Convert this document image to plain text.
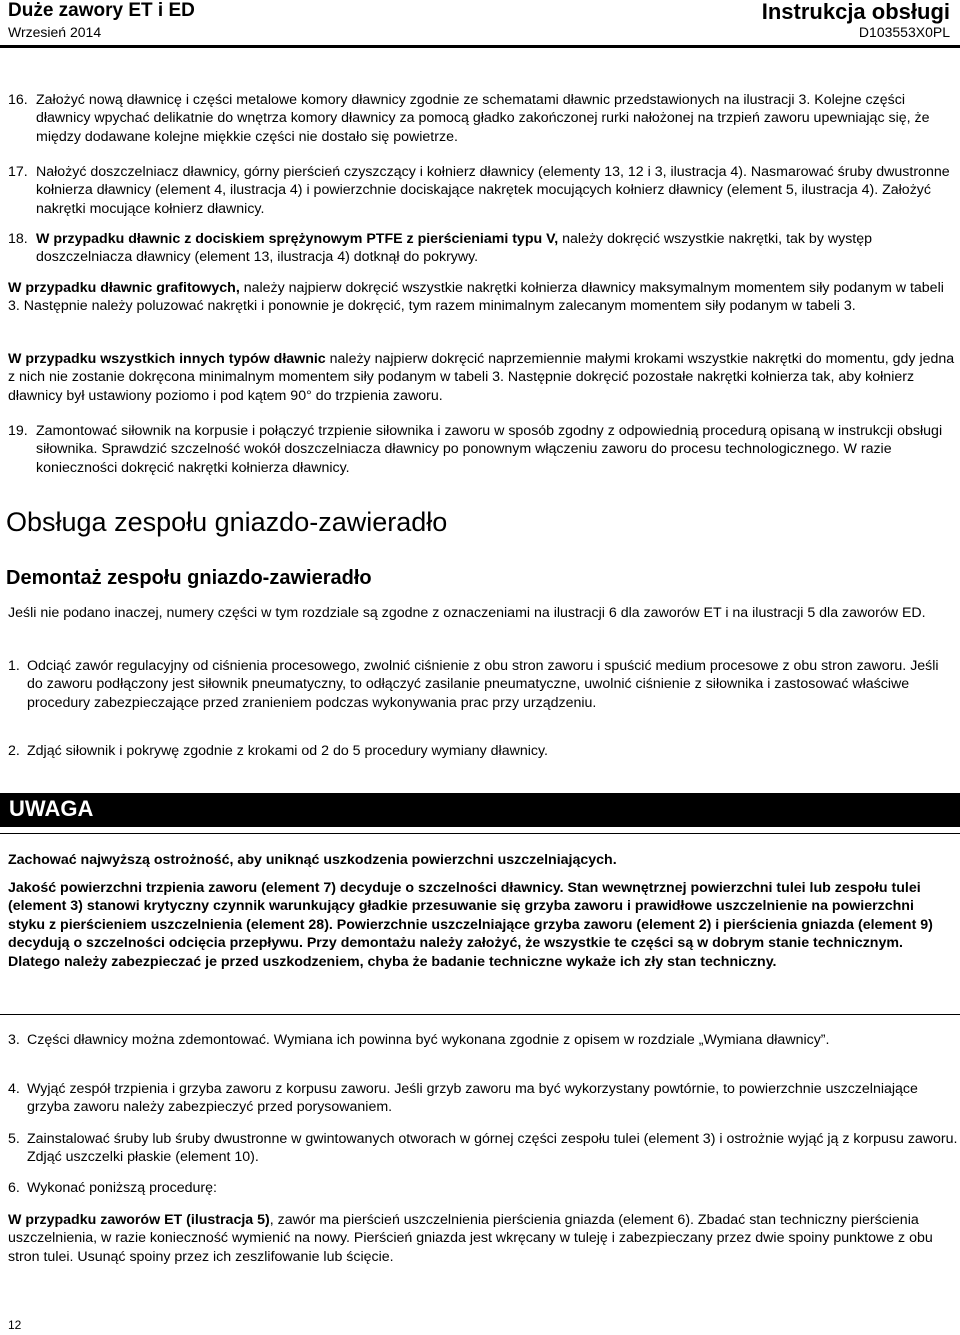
Duże zawory ET i ED
Wrzesień 2014
Instrukcja obsługi
D103553X0PL
16. Założyć nową dławnicę i części metalowe komory dławnicy zgodnie ze schematami dławnic przedstawionych na ilustracji 3. Kolejne części dławnicy wpychać delikatnie do wnętrza komory dławnicy za pomocą gładko zakończonej rurki nałożonej na trzpień zaworu upewniając się, że między dodawane kolejne miękkie części nie dostało się powietrze.
17. Nałożyć doszczelniacz dławnicy, górny pierścień czyszczący i kołnierz dławnicy (elementy 13, 12 i 3, ilustracja 4). Nasmarować śruby dwustronne kołnierza dławnicy (element 4, ilustracja 4) i powierzchnie dociskające nakrętek mocujących kołnierz dławnicy (element 5, ilustracja 4). Założyć nakrętki mocujące kołnierz dławnicy.
18. W przypadku dławnic z dociskiem sprężynowym PTFE z pierścieniami typu V, należy dokręcić wszystkie nakrętki, tak by występ doszczelniacza dławnicy (element 13, ilustracja 4) dotknął do pokrywy.
W przypadku dławnic grafitowych, należy najpierw dokręcić wszystkie nakrętki kołnierza dławnicy maksymalnym momentem siły podanym w tabeli 3. Następnie należy poluzować nakrętki i ponownie je dokręcić, tym razem minimalnym zalecanym momentem siły podanym w tabeli 3.
W przypadku wszystkich innych typów dławnic należy najpierw dokręcić naprzemiennie małymi krokami wszystkie nakrętki do momentu, gdy jedna z nich nie zostanie dokręcona minimalnym momentem siły podanym w tabeli 3. Następnie dokręcić pozostałe nakrętki kołnierza tak, aby kołnierz dławnicy był ustawiony poziomo i pod kątem 90° do trzpienia zaworu.
19. Zamontować siłownik na korpusie i połączyć trzpienie siłownika i zaworu w sposób zgodny z odpowiednią procedurą opisaną w instrukcji obsługi siłownika. Sprawdzić szczelność wokół doszczelniacza dławnicy po ponownym włączeniu zaworu do procesu technologicznego. W razie konieczności dokręcić nakrętki kołnierza dławnicy.
Obsługa zespołu gniazdo-zawieradło
Demontaż zespołu gniazdo-zawieradło
Jeśli nie podano inaczej, numery części w tym rozdziale są zgodne z oznaczeniami na ilustracji 6 dla zaworów ET i na ilustracji 5 dla zaworów ED.
1. Odciąć zawór regulacyjny od ciśnienia procesowego, zwolnić ciśnienie z obu stron zaworu i spuścić medium procesowe z obu stron zaworu. Jeśli do zaworu podłączony jest siłownik pneumatyczny, to odłączyć zasilanie pneumatyczne, uwolnić ciśnienie z siłownika i zastosować właściwe procedury zabezpieczające przed zranieniem podczas wykonywania prac przy urządzeniu.
2. Zdjąć siłownik i pokrywę zgodnie z krokami od 2 do 5 procedury wymiany dławnicy.
UWAGA
Zachować najwyższą ostrożność, aby uniknąć uszkodzenia powierzchni uszczelniających.
Jakość powierzchni trzpienia zaworu (element 7) decyduje o szczelności dławnicy. Stan wewnętrznej powierzchni tulei lub zespołu tulei (element 3) stanowi krytyczny czynnik warunkujący gładkie przesuwanie się grzyba zaworu i prawidłowe uszczelnienie na powierzchni styku z pierścieniem uszczelnienia (element 28). Powierzchnie uszczelniające grzyba zaworu (element 2) i pierścienia gniazda (element 9) decydują o szczelności odcięcia przepływu. Przy demontażu należy założyć, że wszystkie te części są w dobrym stanie technicznym. Dlatego należy zabezpieczać je przed uszkodzeniem, chyba że badanie techniczne wykaże ich zły stan techniczny.
3. Części dławnicy można zdemontować. Wymiana ich powinna być wykonana zgodnie z opisem w rozdziale „Wymiana dławnicy”.
4. Wyjąć zespół trzpienia i grzyba zaworu z korpusu zaworu. Jeśli grzyb zaworu ma być wykorzystany powtórnie, to powierzchnie uszczelniające grzyba zaworu należy zabezpieczyć przed porysowaniem.
5. Zainstalować śruby lub śruby dwustronne w gwintowanych otworach w górnej części zespołu tulei (element 3) i ostrożnie wyjąć ją z korpusu zaworu. Zdjąć uszczelki płaskie (element 10).
6. Wykonać poniższą procedurę:
W przypadku zaworów ET (ilustracja 5), zawór ma pierścień uszczelnienia pierścienia gniazda (element 6). Zbadać stan techniczny pierścienia uszczelnienia, w razie konieczność wymienić na nowy. Pierścień gniazda jest wkręcany w tuleję i zabezpieczany przez dwie spoiny punktowe z obu stron tulei. Usunąć spoiny przez ich zeszlifowanie lub ścięcie.
12
